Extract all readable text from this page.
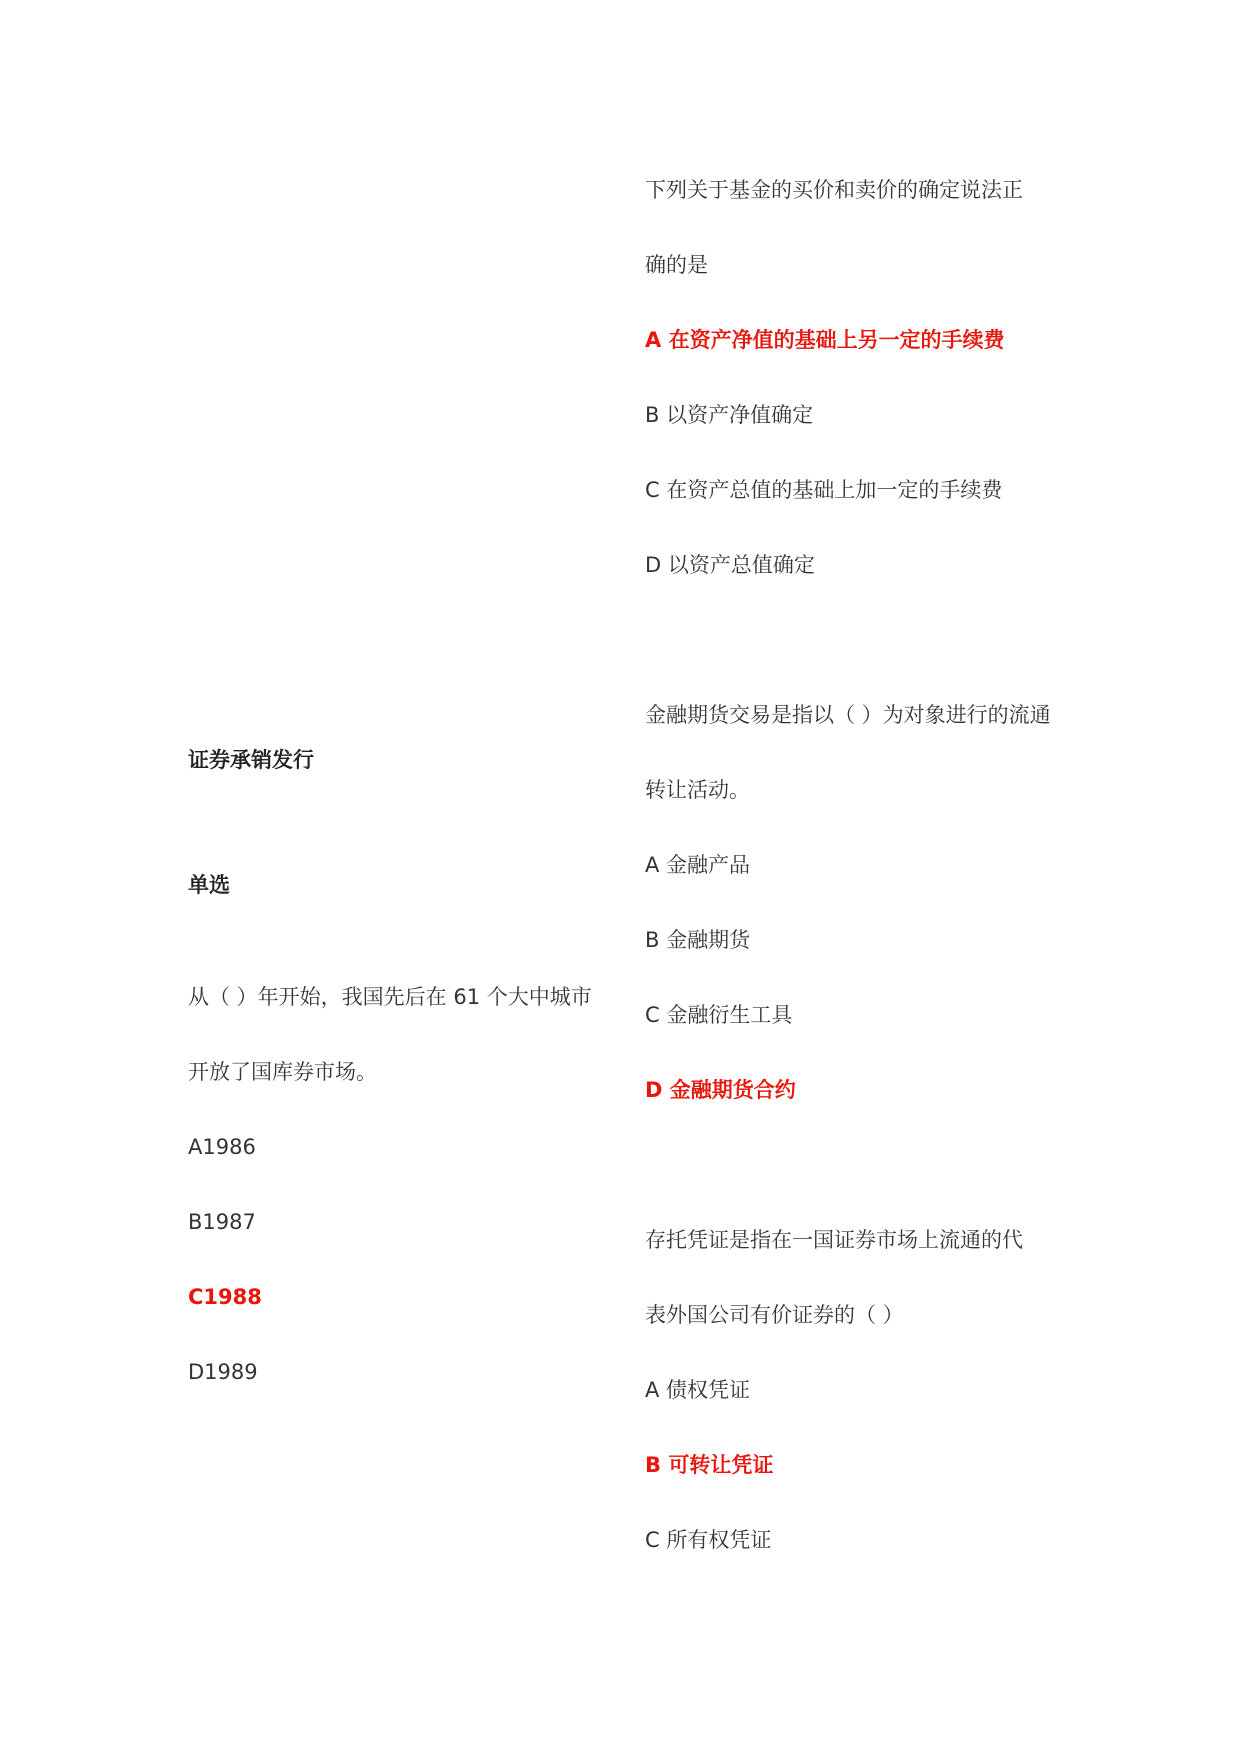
下列关于基金的买价和卖价的确定说法正
确的是
A 在资产净值的基础上另一定的手续费
B 以资产净值确定
C 在资产总值的基础上加一定的手续费
D 以资产总值确定
金融期货交易是指以（ ）为对象进行的流通
转让活动。
A 金融产品
B 金融期货
C 金融衍生工具
D 金融期货合约
存托凭证是指在一国证券市场上流通的代
表外国公司有价证券的（ ）
A 债权凭证
B 可转让凭证
C 所有权凭证
证券承销发行
单选
从（ ）年开始，我国先后在 61 个大中城市
开放了国库券市场。
A1986
B1987
C1988
D1989
